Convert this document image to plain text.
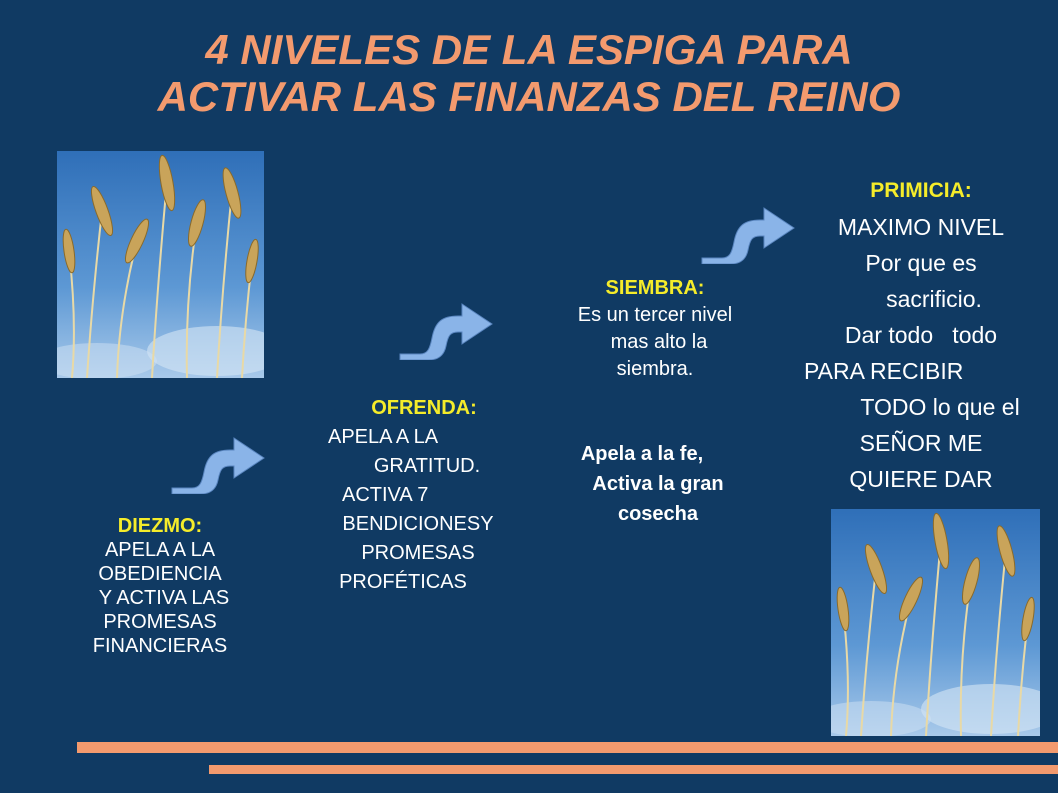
4 NIVELES DE LA ESPIGA PARA
ACTIVAR LAS FINANZAS DEL REINO
DIEZMO:
APELA A LA
OBEDIENCIA
Y ACTIVA LAS
PROMESAS
FINANCIERAS
OFRENDA:
APELA A LA
GRATITUD.
ACTIVA 7
BENDICIONESY
PROMESAS
PROFÉTICAS
SIEMBRA:
Es un tercer nivel
mas alto la
siembra.
Apela a la fe,
Activa la gran
cosecha
PRIMICIA:
MAXIMO NIVEL
Por que es
sacrificio.
Dar todo   todo
PARA RECIBIR
TODO lo que el
SEÑOR ME
QUIERE DAR
